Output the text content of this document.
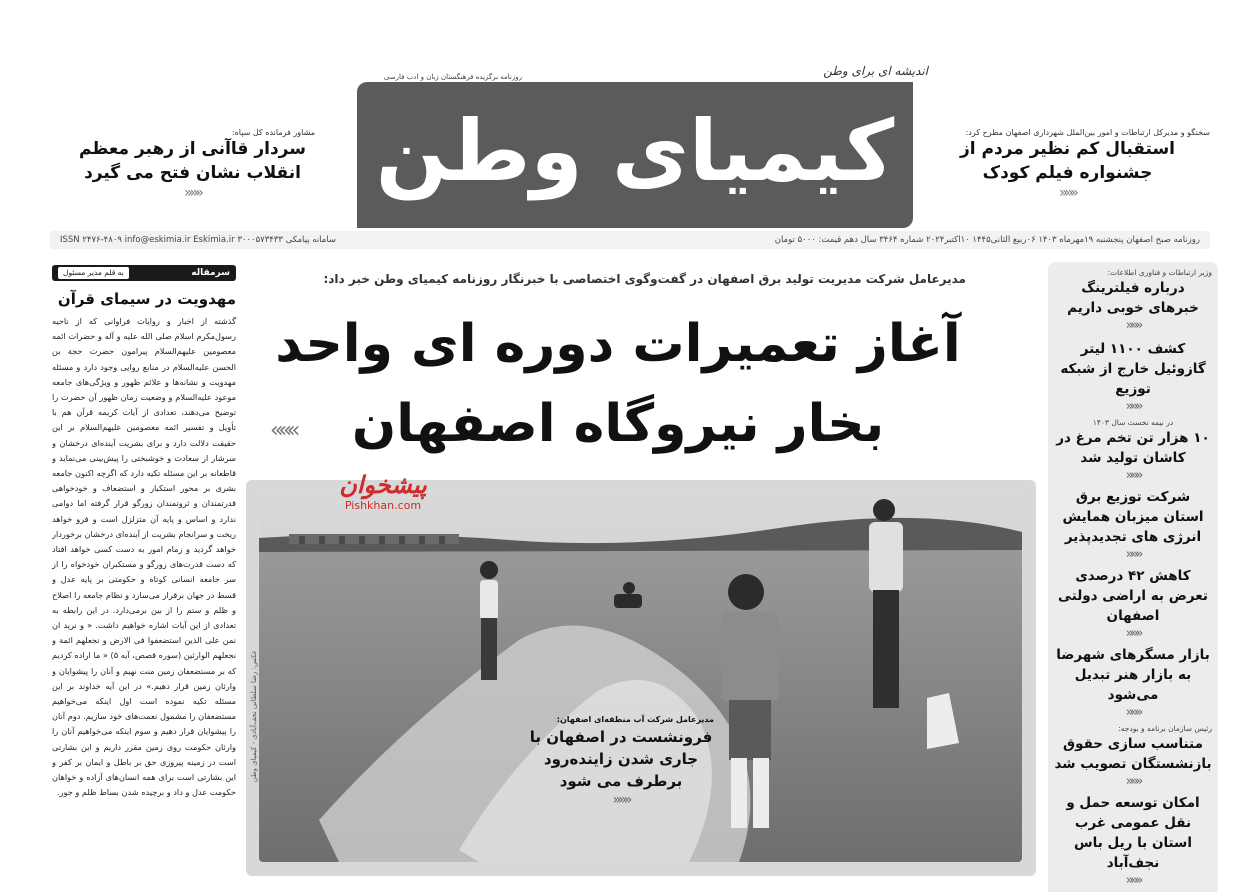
اندیشه ای برای وطن
روزنامه برگزیده فرهنگستان زبان و ادب فارسی
کیمیای وطن
مشاور فرمانده کل سپاه:
سردار قاآنی از رهبر معظم انقلاب نشان فتح می گیرد
«««
سخنگو و مدیرکل ارتباطات و امور بین‌الملل شهرداری اصفهان مطرح کرد:
استقبال کم نظیر مردم از جشنواره فیلم کودک
«««
روزنامه صبح اصفهان پنجشنبه ۱۹مهرماه ۱۴۰۳ ۰۶ربیع الثانی۱۴۴۵ ۱۰اکتبر۲۰۲۴ شماره ۳۴۶۴ سال دهم قیمت: ۵۰۰۰ تومان
ISSN ۲۴۷۶-۴۸۰۹ info@eskimia.ir Eskimia.ir سامانه پیامکی ۳۰۰۰۵۷۳۴۳۳
سرمقاله
به قلم مدیر مسئول
مهدویت در سیمای قرآن
گذشته از اخبار و روایات فراوانی که از ناحیه رسول‌مکرم اسلام صلی الله علیه و آله و حضرات ائمه معصومین علیهم‌السلام پیرامون حضرت حجة بن الحسن علیه‌السلام در منابع روایی وجود دارد و مسئله مهدویت و نشانه‌ها و علائم ظهور و ویژگی‌های جامعه موعود علیه‌السلام و وضعیت زمان ظهور آن حضرت را توضیح می‌دهند، تعدادی از آیات کریمه قرآن هم با تأویل و تفسیر ائمه معصومین علیهم‌السلام بر این حقیقت دلالت دارد و برای بشریت آینده‌ای درخشان و سرشار از سعادت و خوشبختی را پیش‌بینی می‌نماید و قاطعانه بر این مسئله تکیه دارد که اگرچه اکنون جامعه بشری بر محور استکبار و استضعاف و خودخواهی قدرتمندان و ثروتمندان زورگو قرار گرفته اما دوامی ندارد و اساس و پایه آن متزلزل است و فرو خواهد ریخت و سرانجام بشریت از آینده‌ای درخشان برخوردار خواهد گردید و زمام امور به دست کسی خواهد افتاد که دست قدرت‌های زورگو و مستکبران خودخواه را از سر جامعه انسانی کوتاه و حکومتی بر پایه عدل و قسط در جهان برقرار می‌سازد و نظام جامعه را اصلاح و ظلم و ستم را از بین برمی‌دارد. در این رابطه به تعدادی از این آیات اشاره خواهیم داشت. « و نرید ان نمن علی الذین استضعفوا فی الارض و نجعلهم ائمة و نجعلهم الوارثین (سوره قصص، آیه ۵) « ما اراده کردیم که بر مستضعفان زمین منت نهیم و آنان را پیشوایان و وارثان زمین قرار دهیم.» در این آیه خداوند بر این مسئله تکیه نموده است اول اینکه می‌خواهیم مستضعفان را مشمول نعمت‌های خود سازیم. دوم آنان را پیشوایان قرار دهیم و سوم اینکه می‌خواهیم آنان را وارثان حکومت روی زمین مقرر داریم و این بشارتی است در زمینه پیروزی حق بر باطل و ایمان بر کفر و این بشارتی است برای همه انسان‌های آزاده و خواهان حکومت عدل و داد و برچیده شدن بساط ظلم و جور.
مدیرعامل شرکت مدیریت تولید برق اصفهان در گفت‌وگوی اختصاصی با خبرنگار روزنامه کیمیای وطن خبر داد:
آغاز تعمیرات دوره ای واحد بخار نیروگاه اصفهان
«««
عکس: رضا سلطانی نجف‌آبادی - کیمیای وطن
پیشخوان
Pishkhan.com
مدیرعامل شرکت آب منطقه‌ای اصفهان:
فرونشست در اصفهان با جاری شدن زاینده‌رود برطرف می شود
«««
وزیر ارتباطات و فناوری اطلاعات:
درباره فیلترینگ خبرهای خوبی داریم
«««
کشف ۱۱۰۰ لیتر گازوئیل خارج از شبکه توزیع
«««
در نیمه نخست سال ۱۴۰۳
۱۰ هزار تن تخم مرغ در کاشان تولید شد
«««
شرکت توزیع برق استان میزبان همایش انرژی های تجدیدپذیر
«««
کاهش ۴۲ درصدی تعرض به اراضی دولتی اصفهان
«««
بازار مسگرهای شهرضا به بازار هنر تبدیل می‌شود
«««
رئیس سازمان برنامه و بودجه:
متناسب سازی حقوق بازنشستگان تصویب شد
«««
امکان توسعه حمل و نقل عمومی غرب استان با ریل باس نجف‌آباد
«««
